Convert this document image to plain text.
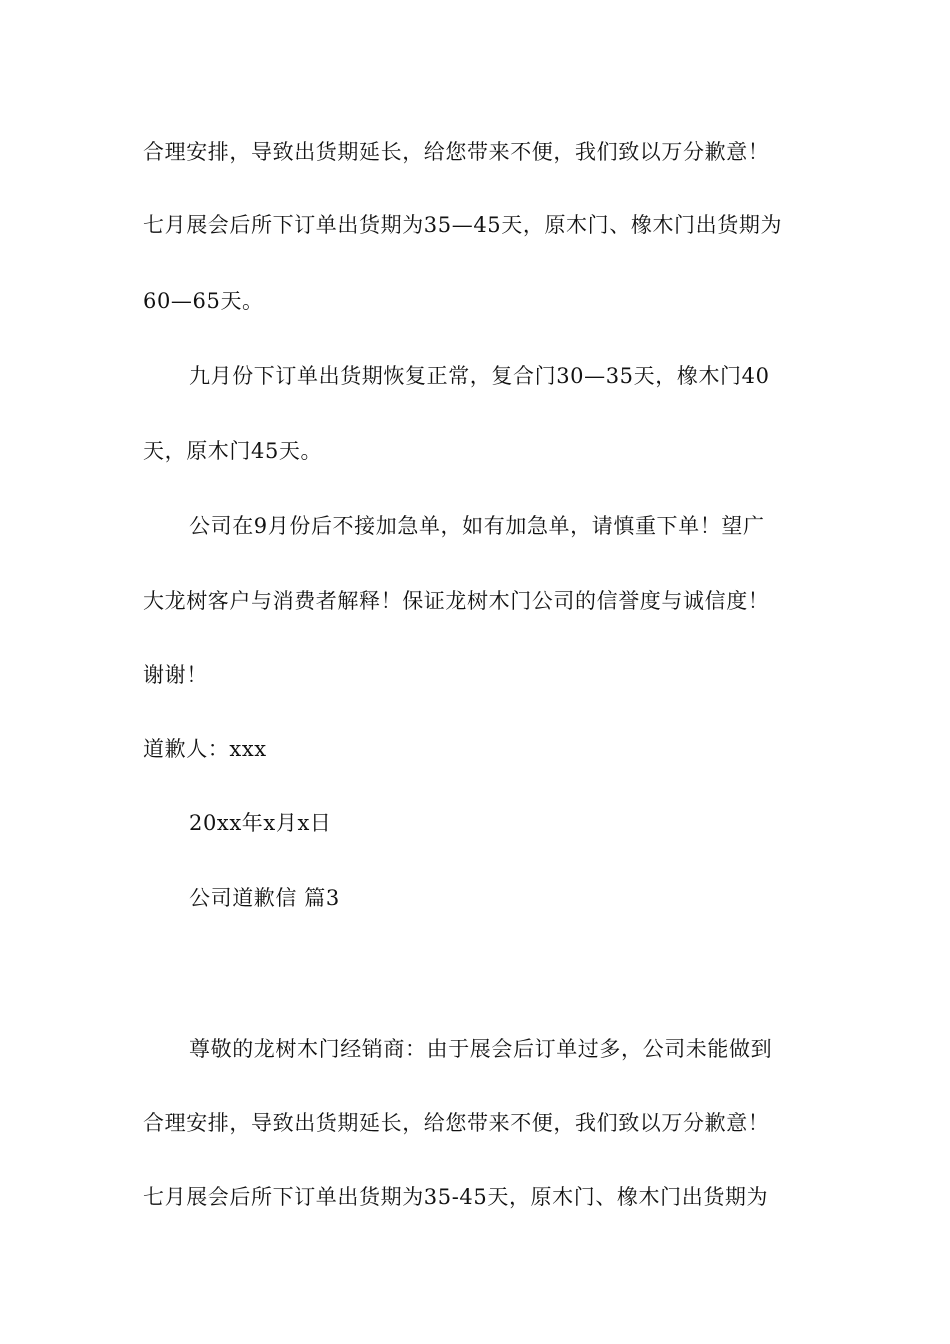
合理安排，导致出货期延长，给您带来不便，我们致以万分歉意！
七月展会后所下订单出货期为35—45天，原木门、橡木门出货期为
60—65天。
九月份下订单出货期恢复正常，复合门30—35天，橡木门40
天，原木门45天。
公司在9月份后不接加急单，如有加急单，请慎重下单！望广
大龙树客户与消费者解释！保证龙树木门公司的信誉度与诚信度！
谢谢！
道歉人：xxx
20xx年x月x日
公司道歉信 篇3
尊敬的龙树木门经销商：由于展会后订单过多，公司未能做到
合理安排，导致出货期延长，给您带来不便，我们致以万分歉意！
七月展会后所下订单出货期为35-45天，原木门、橡木门出货期为
